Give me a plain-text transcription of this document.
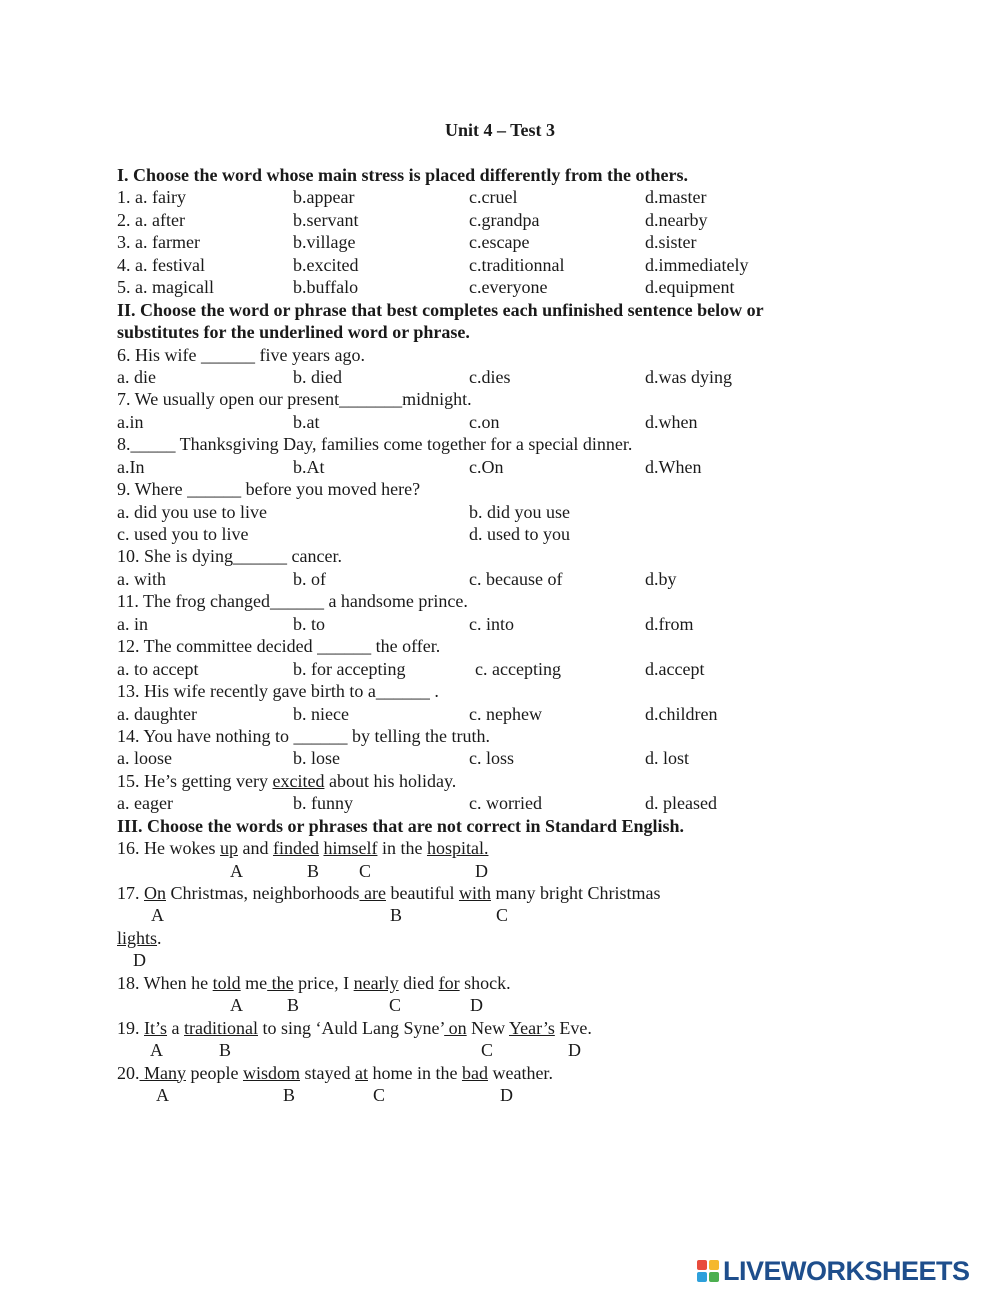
Unit 4 – Test 3
I. Choose the word whose main stress is placed differently from the others.
1. a. fairy	b.appear	c.cruel	d.master
2. a. after	b.servant	c.grandpa	d.nearby
3. a. farmer	b.village	c.escape	d.sister
4. a. festival	b.excited	c.traditionnal	d.immediately
5. a. magicall	b.buffalo	c.everyone	d.equipment
II. Choose the word or phrase that best completes each unfinished sentence below or
substitutes for the underlined word or phrase.
6. His wife ______ five years ago.
a. die	b. died	c.dies	d.was dying
7. We usually open our present_______midnight.
a.in	b.at	c.on	d.when
8._____ Thanksgiving Day, families come together for a special dinner.
a.In	b.At	c.On	d.When
9. Where ______ before you moved here?
a. did you use to live	b. did you use
c. used you to live	d. used to you
10. She is dying______ cancer.
a. with	b. of	c. because of	d.by
11. The frog changed______ a handsome prince.
a. in	b. to	c. into	d.from
12. The committee decided ______ the offer.
a. to accept	b. for accepting	c. accepting	d.accept
13. His wife recently gave birth to a______ .
a. daughter	b. niece	c. nephew	d.children
14. You have nothing to ______ by telling the truth.
a. loose	b. lose	c. loss	d. lost
15. He’s getting very excited about his holiday.
a. eager	b. funny	c. worried	d. pleased
III. Choose the words or phrases that are not correct in Standard English.
16. He wokes up and finded himself in the hospital.
A	B C	D
17. On Christmas, neighborhoods are beautiful with many bright Christmas
A	B	C
lights.
D
18. When he told me the price, I nearly died for shock.
A B	C	D
19. It’s a traditional to sing ‘Auld Lang Syne’ on New Year’s Eve.
A	B	C	D
20. Many people wisdom stayed at home in the bad weather.
A	B	C	D
LIVEWORKSHEETS
